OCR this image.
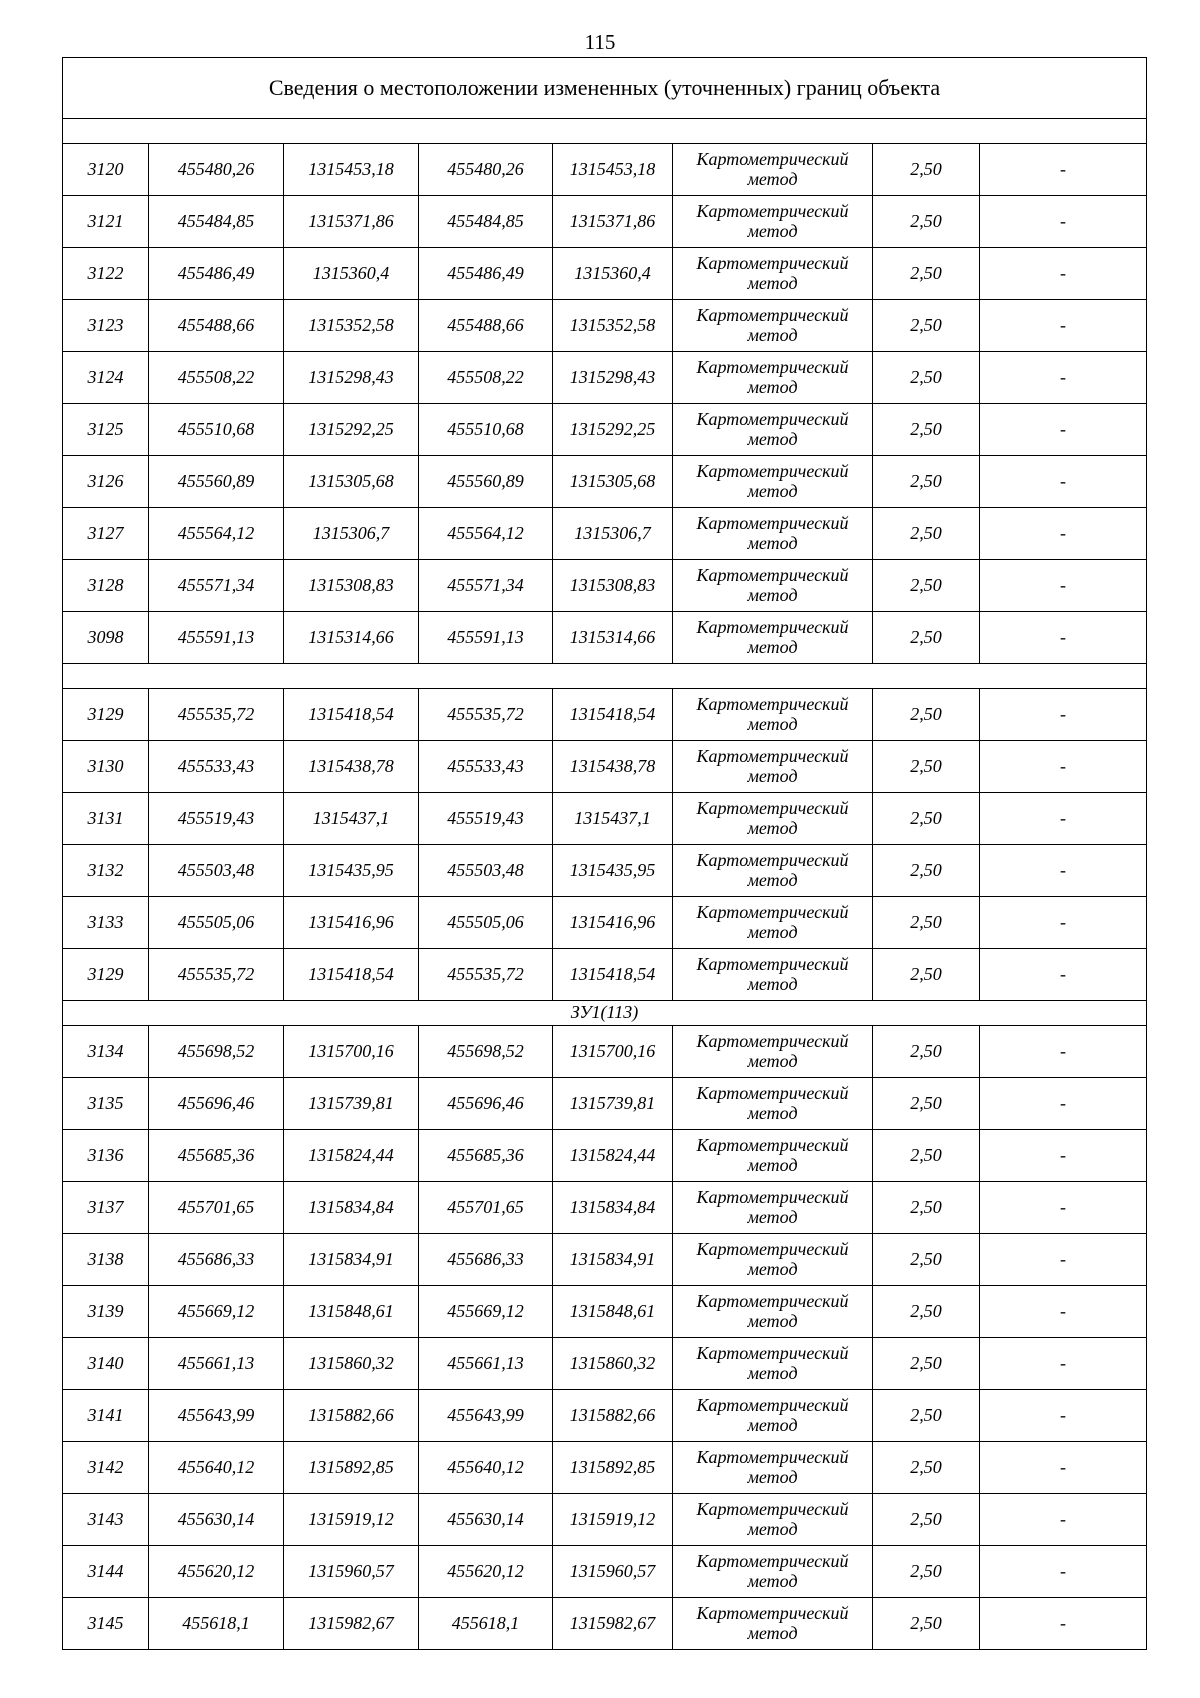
115
Сведения о местоположении измененных (уточненных) границ объекта							

3120	455480,26	1315453,18	455480,26	1315453,18	Картометрический метод	2,50	-
3121	455484,85	1315371,86	455484,85	1315371,86	Картометрический метод	2,50	-
3122	455486,49	1315360,4	455486,49	1315360,4	Картометрический метод	2,50	-
3123	455488,66	1315352,58	455488,66	1315352,58	Картометрический метод	2,50	-
3124	455508,22	1315298,43	455508,22	1315298,43	Картометрический метод	2,50	-
3125	455510,68	1315292,25	455510,68	1315292,25	Картометрический метод	2,50	-
3126	455560,89	1315305,68	455560,89	1315305,68	Картометрический метод	2,50	-
3127	455564,12	1315306,7	455564,12	1315306,7	Картометрический метод	2,50	-
3128	455571,34	1315308,83	455571,34	1315308,83	Картометрический метод	2,50	-
3098	455591,13	1315314,66	455591,13	1315314,66	Картометрический метод	2,50	-

3129	455535,72	1315418,54	455535,72	1315418,54	Картометрический метод	2,50	-
3130	455533,43	1315438,78	455533,43	1315438,78	Картометрический метод	2,50	-
3131	455519,43	1315437,1	455519,43	1315437,1	Картометрический метод	2,50	-
3132	455503,48	1315435,95	455503,48	1315435,95	Картометрический метод	2,50	-
3133	455505,06	1315416,96	455505,06	1315416,96	Картометрический метод	2,50	-
3129	455535,72	1315418,54	455535,72	1315418,54	Картометрический метод	2,50	-
ЗУ1(113)							
3134	455698,52	1315700,16	455698,52	1315700,16	Картометрический метод	2,50	-
3135	455696,46	1315739,81	455696,46	1315739,81	Картометрический метод	2,50	-
3136	455685,36	1315824,44	455685,36	1315824,44	Картометрический метод	2,50	-
3137	455701,65	1315834,84	455701,65	1315834,84	Картометрический метод	2,50	-
3138	455686,33	1315834,91	455686,33	1315834,91	Картометрический метод	2,50	-
3139	455669,12	1315848,61	455669,12	1315848,61	Картометрический метод	2,50	-
3140	455661,13	1315860,32	455661,13	1315860,32	Картометрический метод	2,50	-
3141	455643,99	1315882,66	455643,99	1315882,66	Картометрический метод	2,50	-
3142	455640,12	1315892,85	455640,12	1315892,85	Картометрический метод	2,50	-
3143	455630,14	1315919,12	455630,14	1315919,12	Картометрический метод	2,50	-
3144	455620,12	1315960,57	455620,12	1315960,57	Картометрический метод	2,50	-
3145	455618,1	1315982,67	455618,1	1315982,67	Картометрический метод	2,50	-
